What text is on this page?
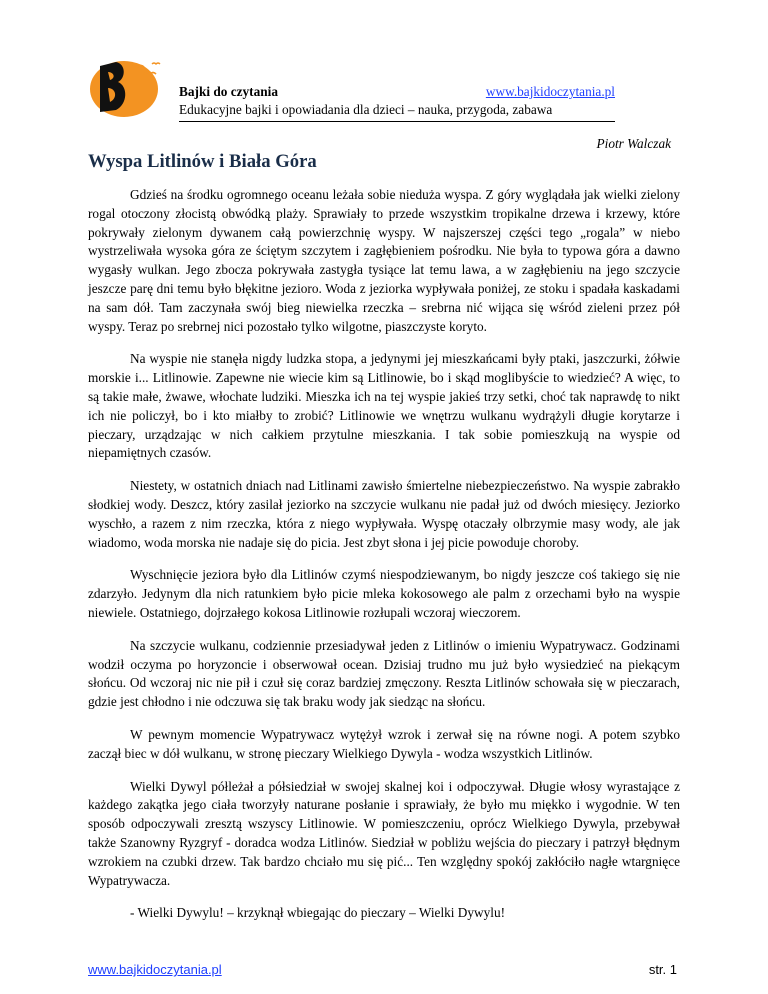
Bajki do czytania	www.bajkidoczytania.pl
Edukacyjne bajki i opowiadania dla dzieci – nauka, przygoda, zabawa
Piotr Walczak
Wyspa Litlinów i Biała Góra

Gdzieś na środku ogromnego oceanu leżała sobie nieduża wyspa. Z góry wyglądała jak wielki zielony rogal otoczony złocistą obwódką plaży. Sprawiały to przede wszystkim tropikalne drzewa i krzewy, które pokrywały zielonym dywanem całą powierzchnię wyspy. W najszerszej części tego „rogala” w niebo wystrzeliwała wysoka góra ze ściętym szczytem i zagłębieniem pośrodku. Nie była to typowa góra a dawno wygasły wulkan. Jego zbocza pokrywała zastygła tysiące lat temu lawa, a w zagłębieniu na jego szczycie jeszcze parę dni temu było błękitne jezioro. Woda z jeziorka wypływała poniżej, ze stoku i spadała kaskadami na sam dół. Tam zaczynała swój bieg niewielka rzeczka – srebrna nić wijąca się wśród zieleni przez pół wyspy. Teraz po srebrnej nici pozostało tylko wilgotne, piaszczyste koryto.

Na wyspie nie stanęła nigdy ludzka stopa, a jedynymi jej mieszkańcami były ptaki, jaszczurki, żółwie morskie i... Litlinowie. Zapewne nie wiecie kim są Litlinowie, bo i skąd moglibyście to wiedzieć? A więc, to są takie małe, żwawe, włochate ludziki. Mieszka ich na tej wyspie jakieś trzy setki, choć tak naprawdę to nikt ich nie policzył, bo i kto miałby to zrobić? Litlinowie we wnętrzu wulkanu wydrążyli długie korytarze i pieczary, urządzając w nich całkiem przytulne mieszkania. I tak sobie pomieszkują na wyspie od niepamiętnych czasów.

Niestety, w ostatnich dniach nad Litlinami zawisło śmiertelne niebezpieczeństwo. Na wyspie zabrakło słodkiej wody. Deszcz, który zasilał jeziorko na szczycie wulkanu nie padał już od dwóch miesięcy. Jeziorko wyschło, a razem z nim rzeczka, która z niego wypływała. Wyspę otaczały olbrzymie masy wody, ale jak wiadomo, woda morska nie nadaje się do picia. Jest zbyt słona i jej picie powoduje choroby.

Wyschnięcie jeziora było dla Litlinów czymś niespodziewanym, bo nigdy jeszcze coś takiego się nie zdarzyło. Jedynym dla nich ratunkiem było picie mleka kokosowego ale palm z orzechami było na wyspie niewiele. Ostatniego, dojrzałego kokosa Litlinowie rozłupali wczoraj wieczorem.

Na szczycie wulkanu, codziennie przesiadywał jeden z Litlinów o imieniu Wypatrywacz. Godzinami wodził oczyma po horyzoncie i obserwował ocean. Dzisiaj trudno mu już było wysiedzieć na piekącym słońcu. Od wczoraj nic nie pił i czuł się coraz bardziej zmęczony. Reszta Litlinów schowała się w pieczarach, gdzie jest chłodno i nie odczuwa się tak braku wody jak siedząc na słońcu.

W pewnym momencie Wypatrywacz wytężył wzrok i zerwał się na równe nogi. A potem szybko zaczął biec w dół wulkanu, w stronę pieczary Wielkiego Dywyla - wodza wszystkich Litlinów.

Wielki Dywyl półleżał a półsiedział w swojej skalnej koi i odpoczywał. Długie włosy wyrastające z każdego zakątka jego ciała tworzyły naturane posłanie i sprawiały, że było mu miękko i wygodnie. W ten sposób odpoczywali zresztą wszyscy Litlinowie. W pomieszczeniu, oprócz Wielkiego Dywyla, przebywał także Szanowny Ryzgryf - doradca wodza Litlinów. Siedział w pobliżu wejścia do pieczary i patrzył błędnym wzrokiem na czubki drzew. Tak bardzo chciało mu się pić... Ten względny spokój zakłóciło nagłe wtargnięce Wypatrywacza.

- Wielki Dywylu! – krzyknął wbiegając do pieczary – Wielki Dywylu!

www.bajkidoczytania.pl	str. 1
